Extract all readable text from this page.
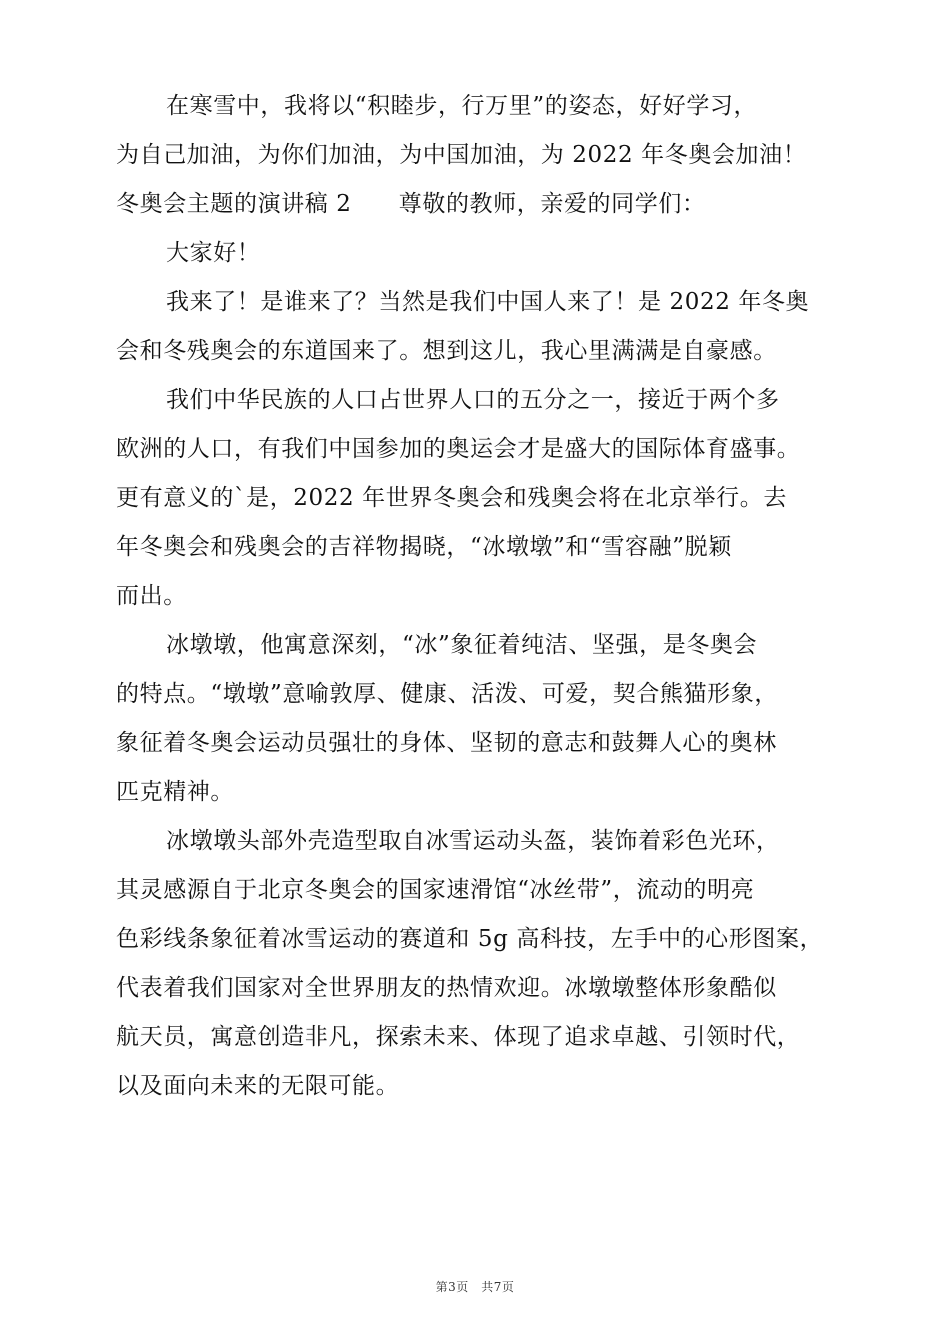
在寒雪中，我将以“积睦步，行万里”的姿态，好好学习，
为自己加油，为你们加油，为中国加油，为 2022 年冬奥会加油！
冬奥会主题的演讲稿 2　　尊敬的教师，亲爱的同学们：
大家好！
我来了！是谁来了？当然是我们中国人来了！是 2022 年冬奥
会和冬残奥会的东道国来了。想到这儿，我心里满满是自豪感。
我们中华民族的人口占世界人口的五分之一，接近于两个多
欧洲的人口，有我们中国参加的奥运会才是盛大的国际体育盛事。
更有意义的`是，2022 年世界冬奥会和残奥会将在北京举行。去
年冬奥会和残奥会的吉祥物揭晓，“冰墩墩”和“雪容融”脱颖
而出。
冰墩墩，他寓意深刻，“冰”象征着纯洁、坚强，是冬奥会
的特点。“墩墩”意喻敦厚、健康、活泼、可爱，契合熊猫形象，
象征着冬奥会运动员强壮的身体、坚韧的意志和鼓舞人心的奥林
匹克精神。
冰墩墩头部外壳造型取自冰雪运动头盔，装饰着彩色光环，
其灵感源自于北京冬奥会的国家速滑馆“冰丝带”，流动的明亮
色彩线条象征着冰雪运动的赛道和 5g 高科技，左手中的心形图案，
代表着我们国家对全世界朋友的热情欢迎。冰墩墩整体形象酷似
航天员，寓意创造非凡，探索未来、体现了追求卓越、引领时代，
以及面向未来的无限可能。
第3页　共7页
